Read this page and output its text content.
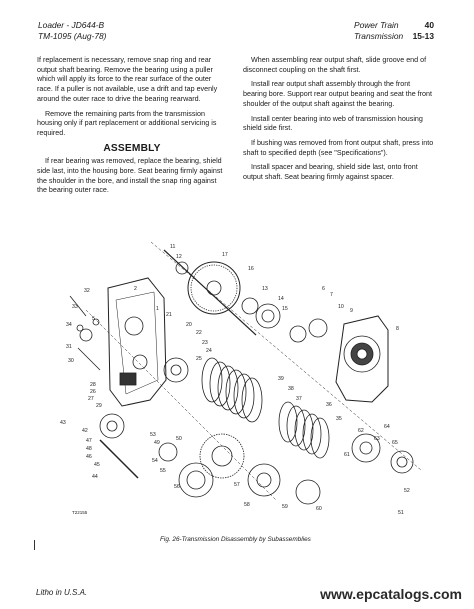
Loader - JD644-B
TM-1095 (Aug-78)
Power Train	40
Transmission 15-13

If replacement is necessary, remove snap ring and rear output shaft bearing. Remove the bearing using a puller which will apply its force to the rear surface of the outer race. If a puller is not available, use a drift and tap evenly around the outer race to drive the bearing rearward.

Remove the remaining parts from the transmission housing only if part replacement or additional servicing is required.

ASSEMBLY

If rear bearing was removed, replace the bearing, shield side last, into the housing bore. Seat bearing firmly against the shoulder in the bore, and install the snap ring against the bearing outer race.

When assembling rear output shaft, slide groove end of disconnect coupling on the shaft first.

Install rear output shaft assembly through the front bearing bore. Support rear output bearing and seat the front shoulder of the output shaft against the bearing.

Install center bearing into web of transmission housing shield side first.

If bushing was removed from front output shaft, press into shaft to specified depth (see "Specifications").

Install spacer and bearing, shield side last, onto front output shaft. Seat bearing firmly against spacer.

32
33
34
5
31
30
28
26
27
29
2
1
21
20
22
23
24
25
11
12	17
16
13
14
15
6
7
10
9
8
43
42
47
48
46
45
44
49
50
51
52
39
38
37
36
35
53
54
55
56	57
58	59	60
61
62
63
64
65
T22155
Fig. 26-Transmission Disassembly by Subassemblies
Litho in U.S.A.	www.epcatalogs.com
